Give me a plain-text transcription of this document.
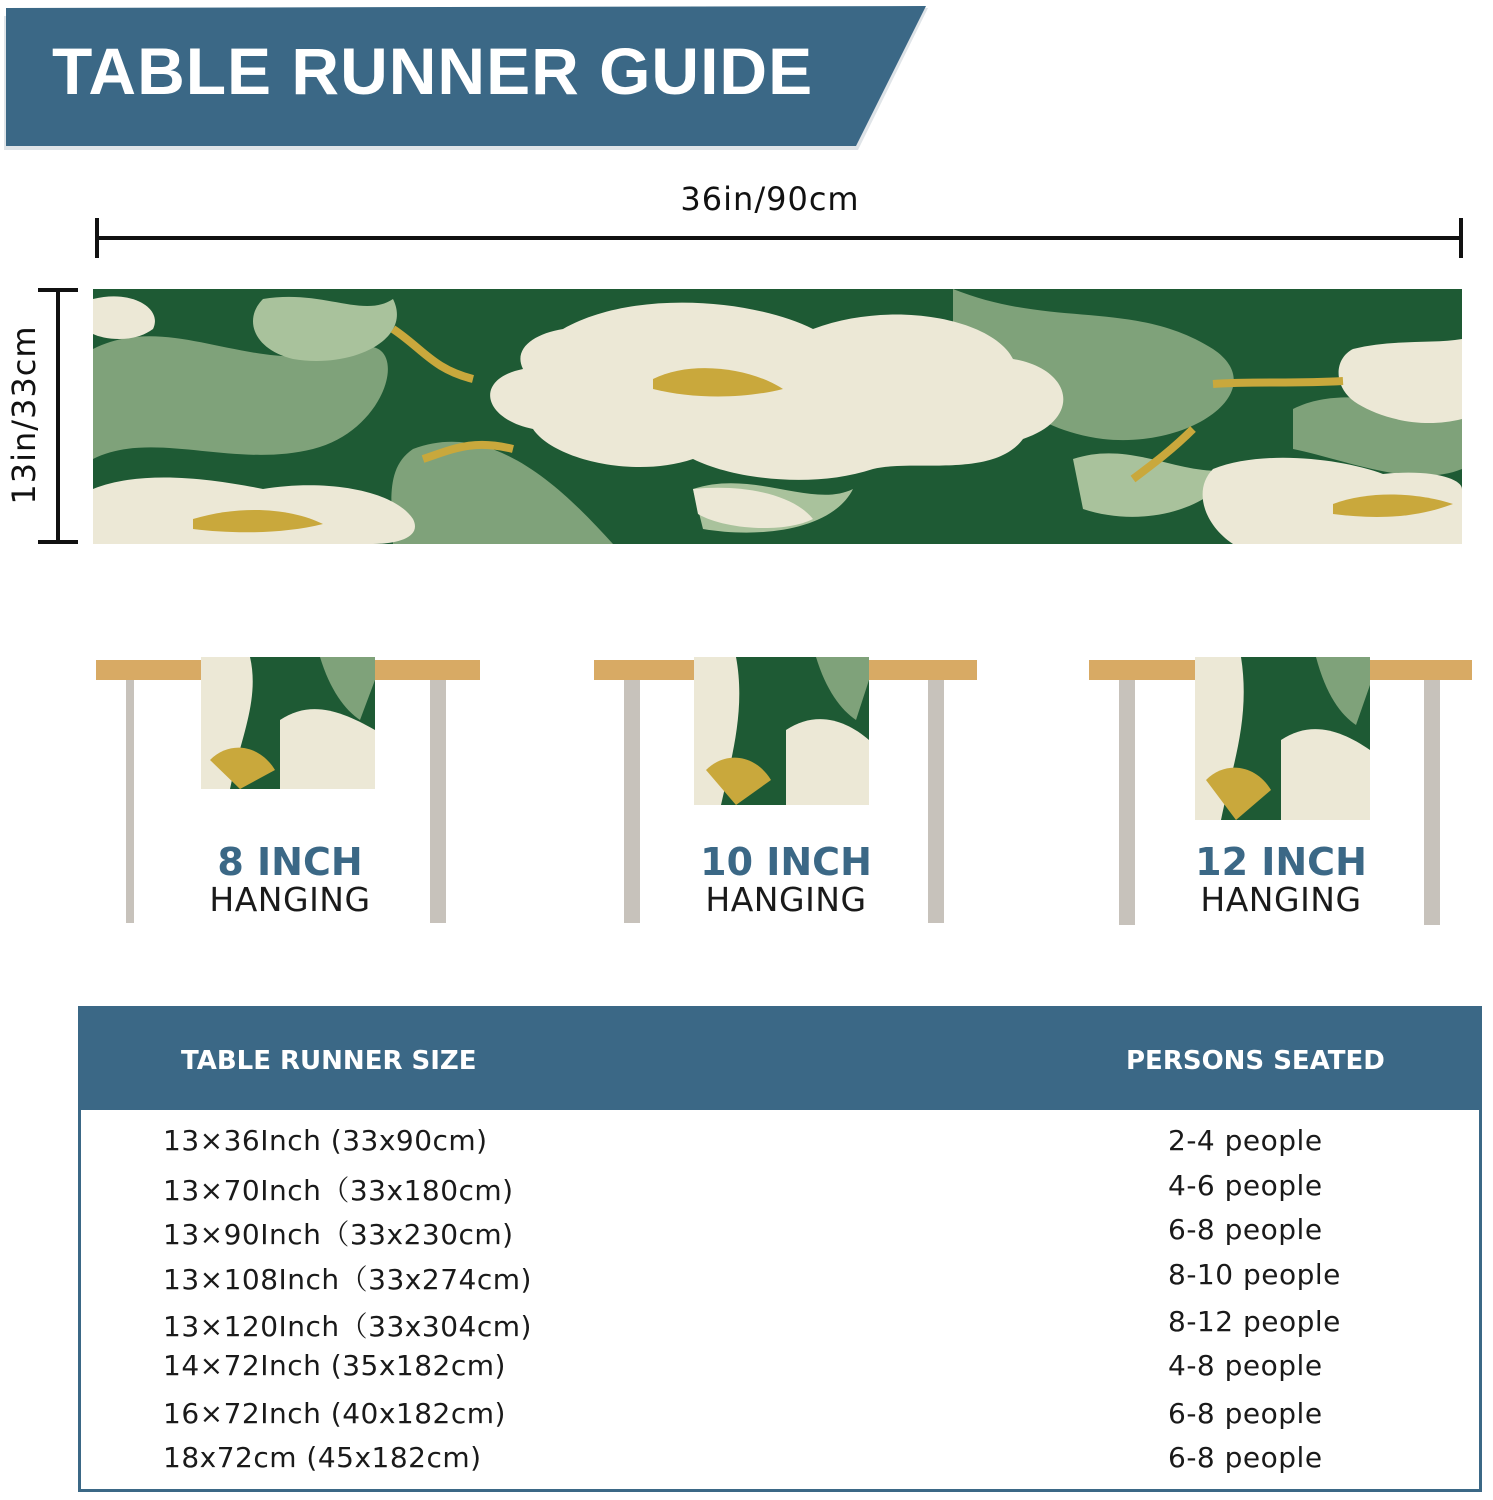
TABLE RUNNER GUIDE
36in/90cm
13in/33cm

8 INCH

HANGING

10 INCH

HANGING

12 INCH

HANGING

TABLE RUNNER SIZE	PERSONS SEATED

13×36Inch (33x90cm)	2-4 people
13×70Inch（33x180cm)	4-6 people
13×90Inch（33x230cm)	6-8 people
13×108Inch（33x274cm)	8-10 people
13×120Inch（33x304cm)	8-12 people
14×72Inch (35x182cm)	4-8 people
16×72Inch (40x182cm)	6-8 people
18x72cm (45x182cm)	6-8 people
